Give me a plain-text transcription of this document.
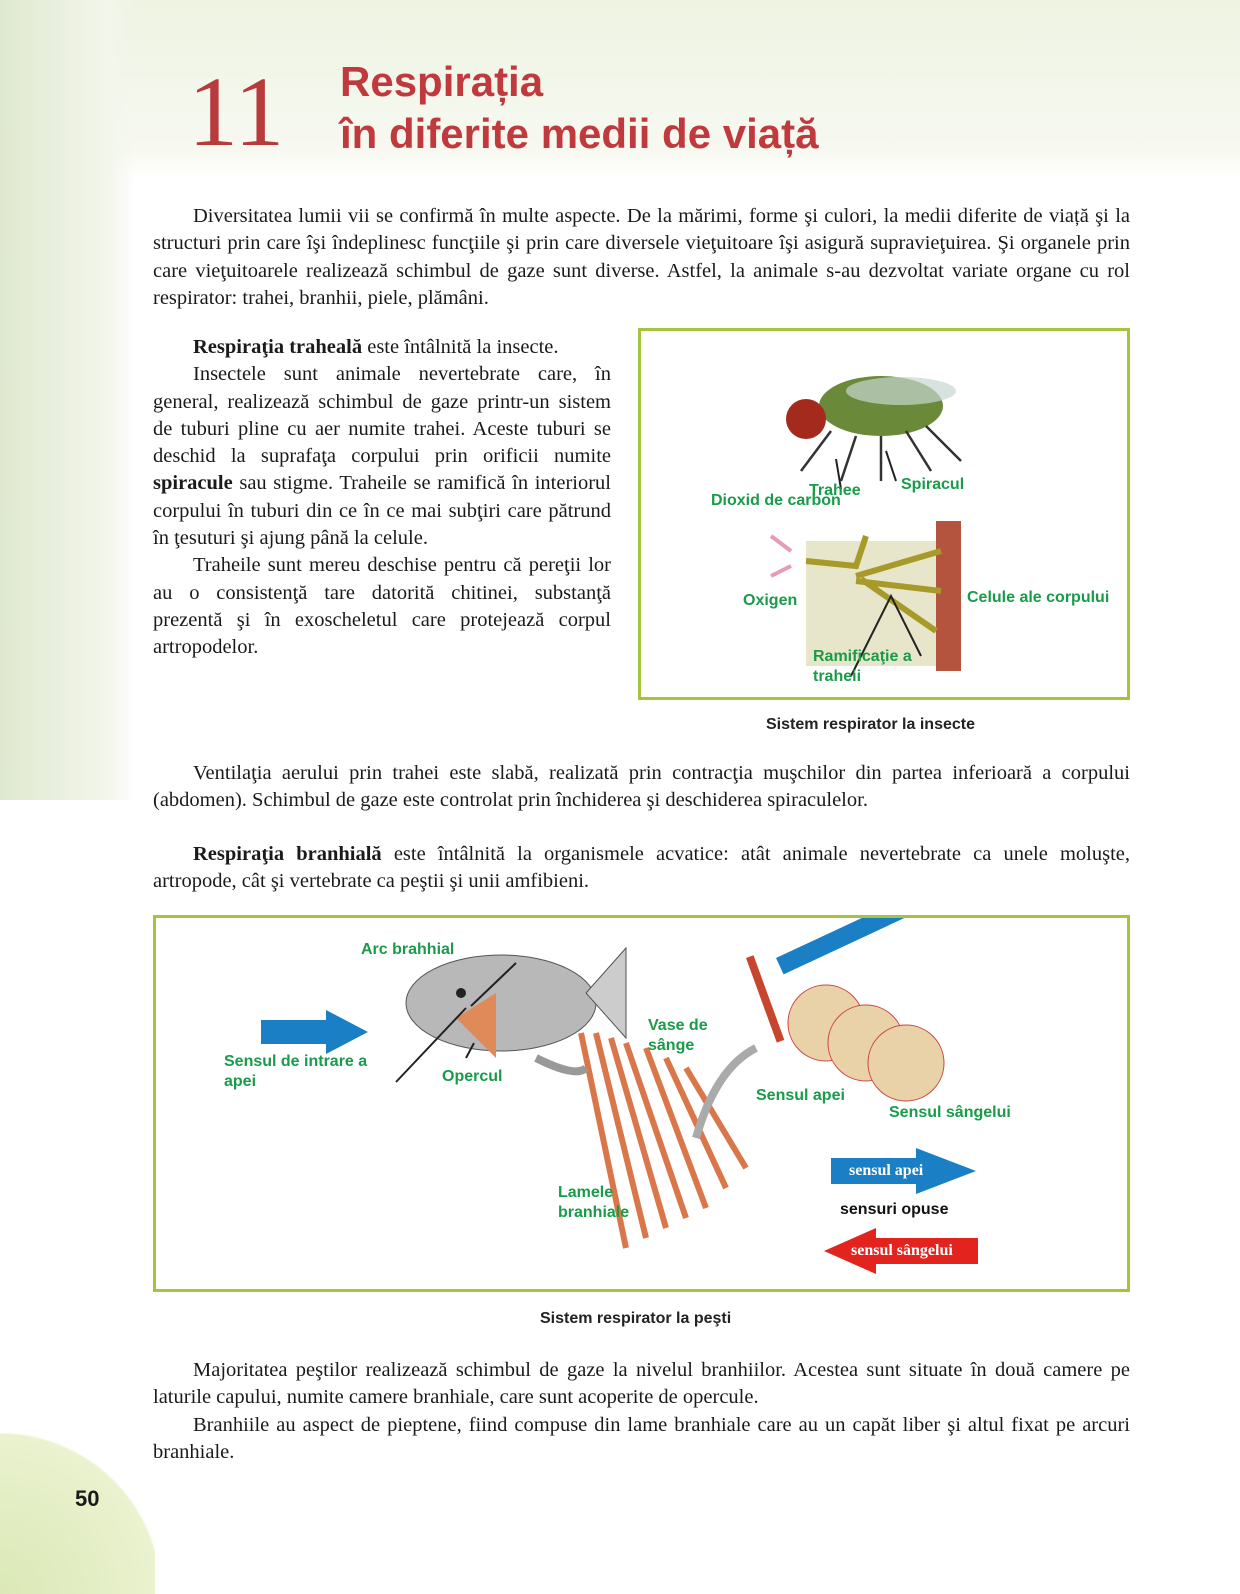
11 Respirația
în diferite medii de viață
Diversitatea lumii vii se confirmă în multe aspecte. De la mărimi, forme şi culori, la medii diferite de viață şi la structuri prin care îşi îndeplinesc funcţiile şi prin care diversele vieţuitoare îşi asigură supravieţuirea. Şi organele prin care vieţuitoarele realizează schimbul de gaze sunt diverse. Astfel, la animale s-au dezvoltat variate organe cu rol respirator: trahei, branhii, piele, plămâni.
Respiraţia traheală este întâlnită la insecte.
Insectele sunt animale nevertebrate care, în general, realizează schimbul de gaze printr-un sistem de tuburi pline cu aer numite trahei. Aceste tuburi se deschid la suprafaţa corpului prin orificii numite spiracule sau stigme. Traheile se ramifică în interiorul corpului în tuburi din ce în ce mai subţiri care pătrund în ţesuturi şi ajung până la celule.
Traheile sunt mereu deschise pentru că pereţii lor au o consistenţă tare datorită chitinei, substanţă prezentă şi în exoscheletul care protejează corpul artropodelor.
Dioxid de carbon
Trahee	Spiracul
Oxigen	Celule ale corpului
Ramificaţie a traheii
Sistem respirator la insecte
Ventilaţia aerului prin trahei este slabă, realizată prin contracţia muşchilor din partea inferioară a corpului (abdomen). Schimbul de gaze este controlat prin închiderea şi deschiderea spiraculelor.
Respiraţia branhială este întâlnită la organismele acvatice: atât animale nevertebrate ca unele moluşte, artropode, cât şi vertebrate ca peştii şi unii amfibieni.
Arc brahhial
Sensul de intrare a apei	Opercul
Vase de sânge
Lamele branhiale
Sensul apei
Sensul sângelui
sensul apei
sensuri opuse
sensul sângelui
Sistem respirator la peşti
Majoritatea peştilor realizează schimbul de gaze la nivelul branhiilor. Acestea sunt situate în două camere pe laturile capului, numite camere branhiale, care sunt acoperite de opercule.
Branhiile au aspect de pieptene, fiind compuse din lame branhiale care au un capăt liber şi altul fixat pe arcuri branhiale.
50
